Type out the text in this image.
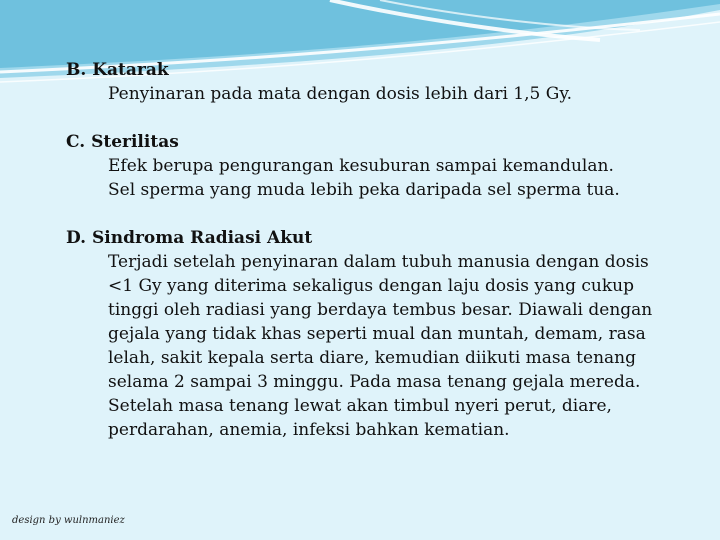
B. Katarak

Penyinaran pada mata dengan dosis lebih dari 1,5 Gy.

C. Sterilitas

Efek berupa pengurangan kesuburan sampai kemandulan.

Sel sperma yang muda lebih peka daripada sel sperma tua.

D. Sindroma Radiasi Akut

Terjadi setelah penyinaran dalam tubuh manusia dengan dosis

<1 Gy yang diterima sekaligus dengan laju dosis yang cukup

tinggi oleh radiasi yang berdaya tembus besar. Diawali dengan

gejala yang tidak khas seperti mual dan muntah, demam, rasa

lelah, sakit kepala serta diare, kemudian diikuti masa tenang

selama 2 sampai 3 minggu. Pada masa tenang gejala mereda.

Setelah masa tenang lewat akan timbul nyeri perut, diare,

perdarahan, anemia, infeksi bahkan kematian.

design by wulnmaniez
